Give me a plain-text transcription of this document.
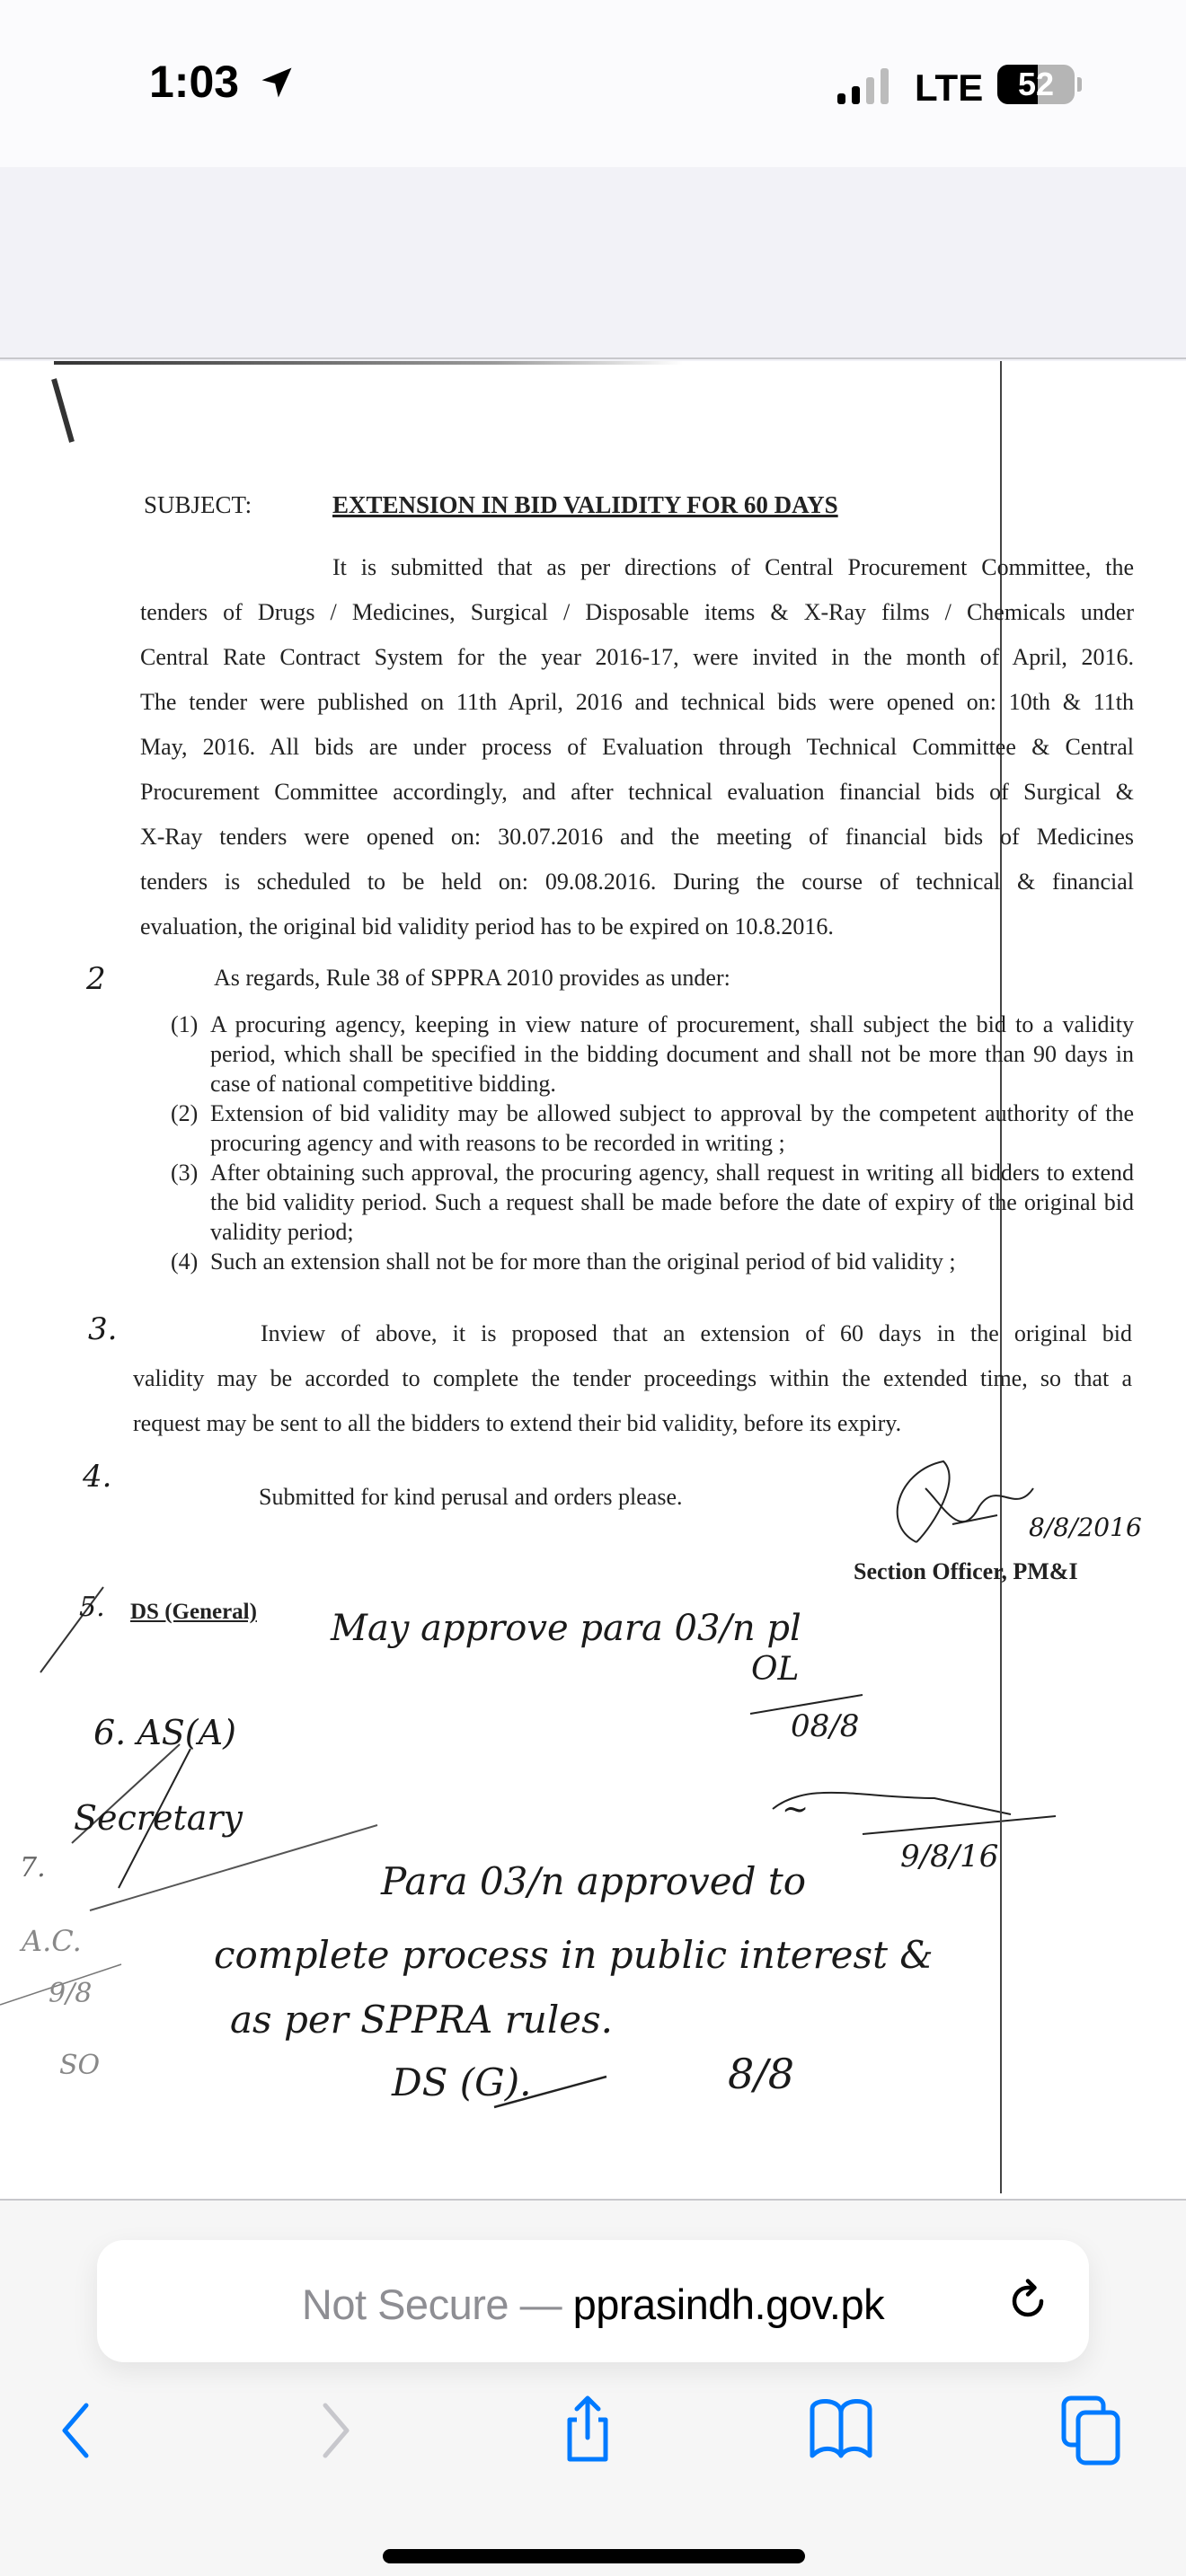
1:03	LTE	52
SUBJECT:	EXTENSION IN BID VALIDITY FOR 60 DAYS
It is submitted that as per directions of Central Procurement Committee, the
tenders of Drugs / Medicines, Surgical / Disposable items & X-Ray films / Chemicals under
Central Rate Contract System for the year 2016-17, were invited in the month of April, 2016.
The tender were published on 11th April, 2016 and technical bids were opened on: 10th & 11th
May, 2016. All bids are under process of Evaluation through Technical Committee & Central
Procurement Committee accordingly, and after technical evaluation financial bids of Surgical &
X-Ray tenders were opened on: 30.07.2016 and the meeting of financial bids of Medicines
tenders is scheduled to be held on: 09.08.2016. During the course of technical & financial
evaluation, the original bid validity period has to be expired on 10.8.2016.
2	As regards, Rule 38 of SPPRA 2010 provides as under:
(1) A procuring agency, keeping in view nature of procurement, shall subject the bid to a validity period, which shall be specified in the bidding document and shall not be more than 90 days in case of national competitive bidding.
(2) Extension of bid validity may be allowed subject to approval by the competent authority of the procuring agency and with reasons to be recorded in writing ;
(3) After obtaining such approval, the procuring agency, shall request in writing all bidders to extend the bid validity period. Such a request shall be made before the date of expiry of the original bid validity period;
(4) Such an extension shall not be for more than the original period of bid validity ;
3.	Inview of above, it is proposed that an extension of 60 days in the original bid
validity may be accorded to complete the tender proceedings within the extended time, so that a
request may be sent to all the bidders to extend their bid validity, before its expiry.
4.
Submitted for kind perusal and orders please.
8/8/2016
Section Officer, PM&I
5. DS (General) May approve para 03/n pl
OL
08/8
6. AS(A)
Secretary
7.
~
Para 03/n approved to
9/8/16
complete process in public interest &
as per SPPRA rules.
DS (G).	8/8
A.C.
9/8
SO
Not Secure — pprasindh.gov.pk
